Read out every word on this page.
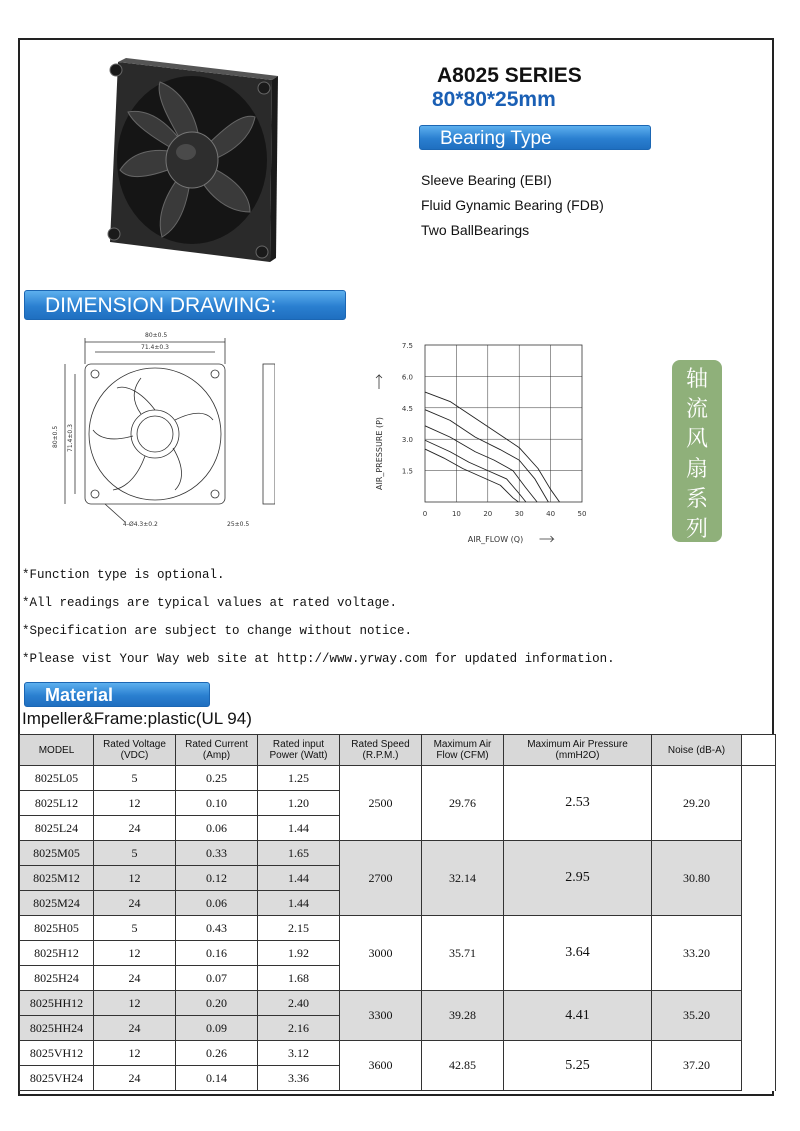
A8025 SERIES
80*80*25mm
Bearing Type
Sleeve Bearing (EBI)
Fluid Gynamic Bearing (FDB)
Two BallBearings
DIMENSION DRAWING:
80±0.5
71.4±0.3
80±0.5 71.4±0.3
4-Ø4.3±0.2	25±0.5
0	10	20	30	40	50
1.5
3.0
4.5
6.0
7.5
AIR_FLOW (Q)
AIR_PRESSURE (P)
轴
流
风
扇
系
列
*Function type is optional.
*All readings are typical values at rated voltage.
*Specification are subject to change without notice.
*Please vist Your Way web site at http://www.yrway.com for updated information.
Material
Impeller&Frame:plastic(UL 94)
MODEL	Rated Voltage (VDC)	Rated Current (Amp)	Rated input Power (Watt)	Rated Speed (R.P.M.)	Maximum Air Flow (CFM)	Maximum Air Pressure (mmH2O)	Noise (dB-A)	
8025L05	5	0.25	1.25	2500	29.76	2.53	29.20	
8025L12	12	0.10	1.20					
8025L24	24	0.06	1.44					
8025M05	5	0.33	1.65	2700	32.14	2.95	30.80	
8025M12	12	0.12	1.44					
8025M24	24	0.06	1.44					
8025H05	5	0.43	2.15	3000	35.71	3.64	33.20	
8025H12	12	0.16	1.92					
8025H24	24	0.07	1.68					
8025HH12	12	0.20	2.40	3300	39.28	4.41	35.20	
8025HH24	24	0.09	2.16					
8025VH12	12	0.26	3.12	3600	42.85	5.25	37.20	
8025VH24	24	0.14	3.36					
